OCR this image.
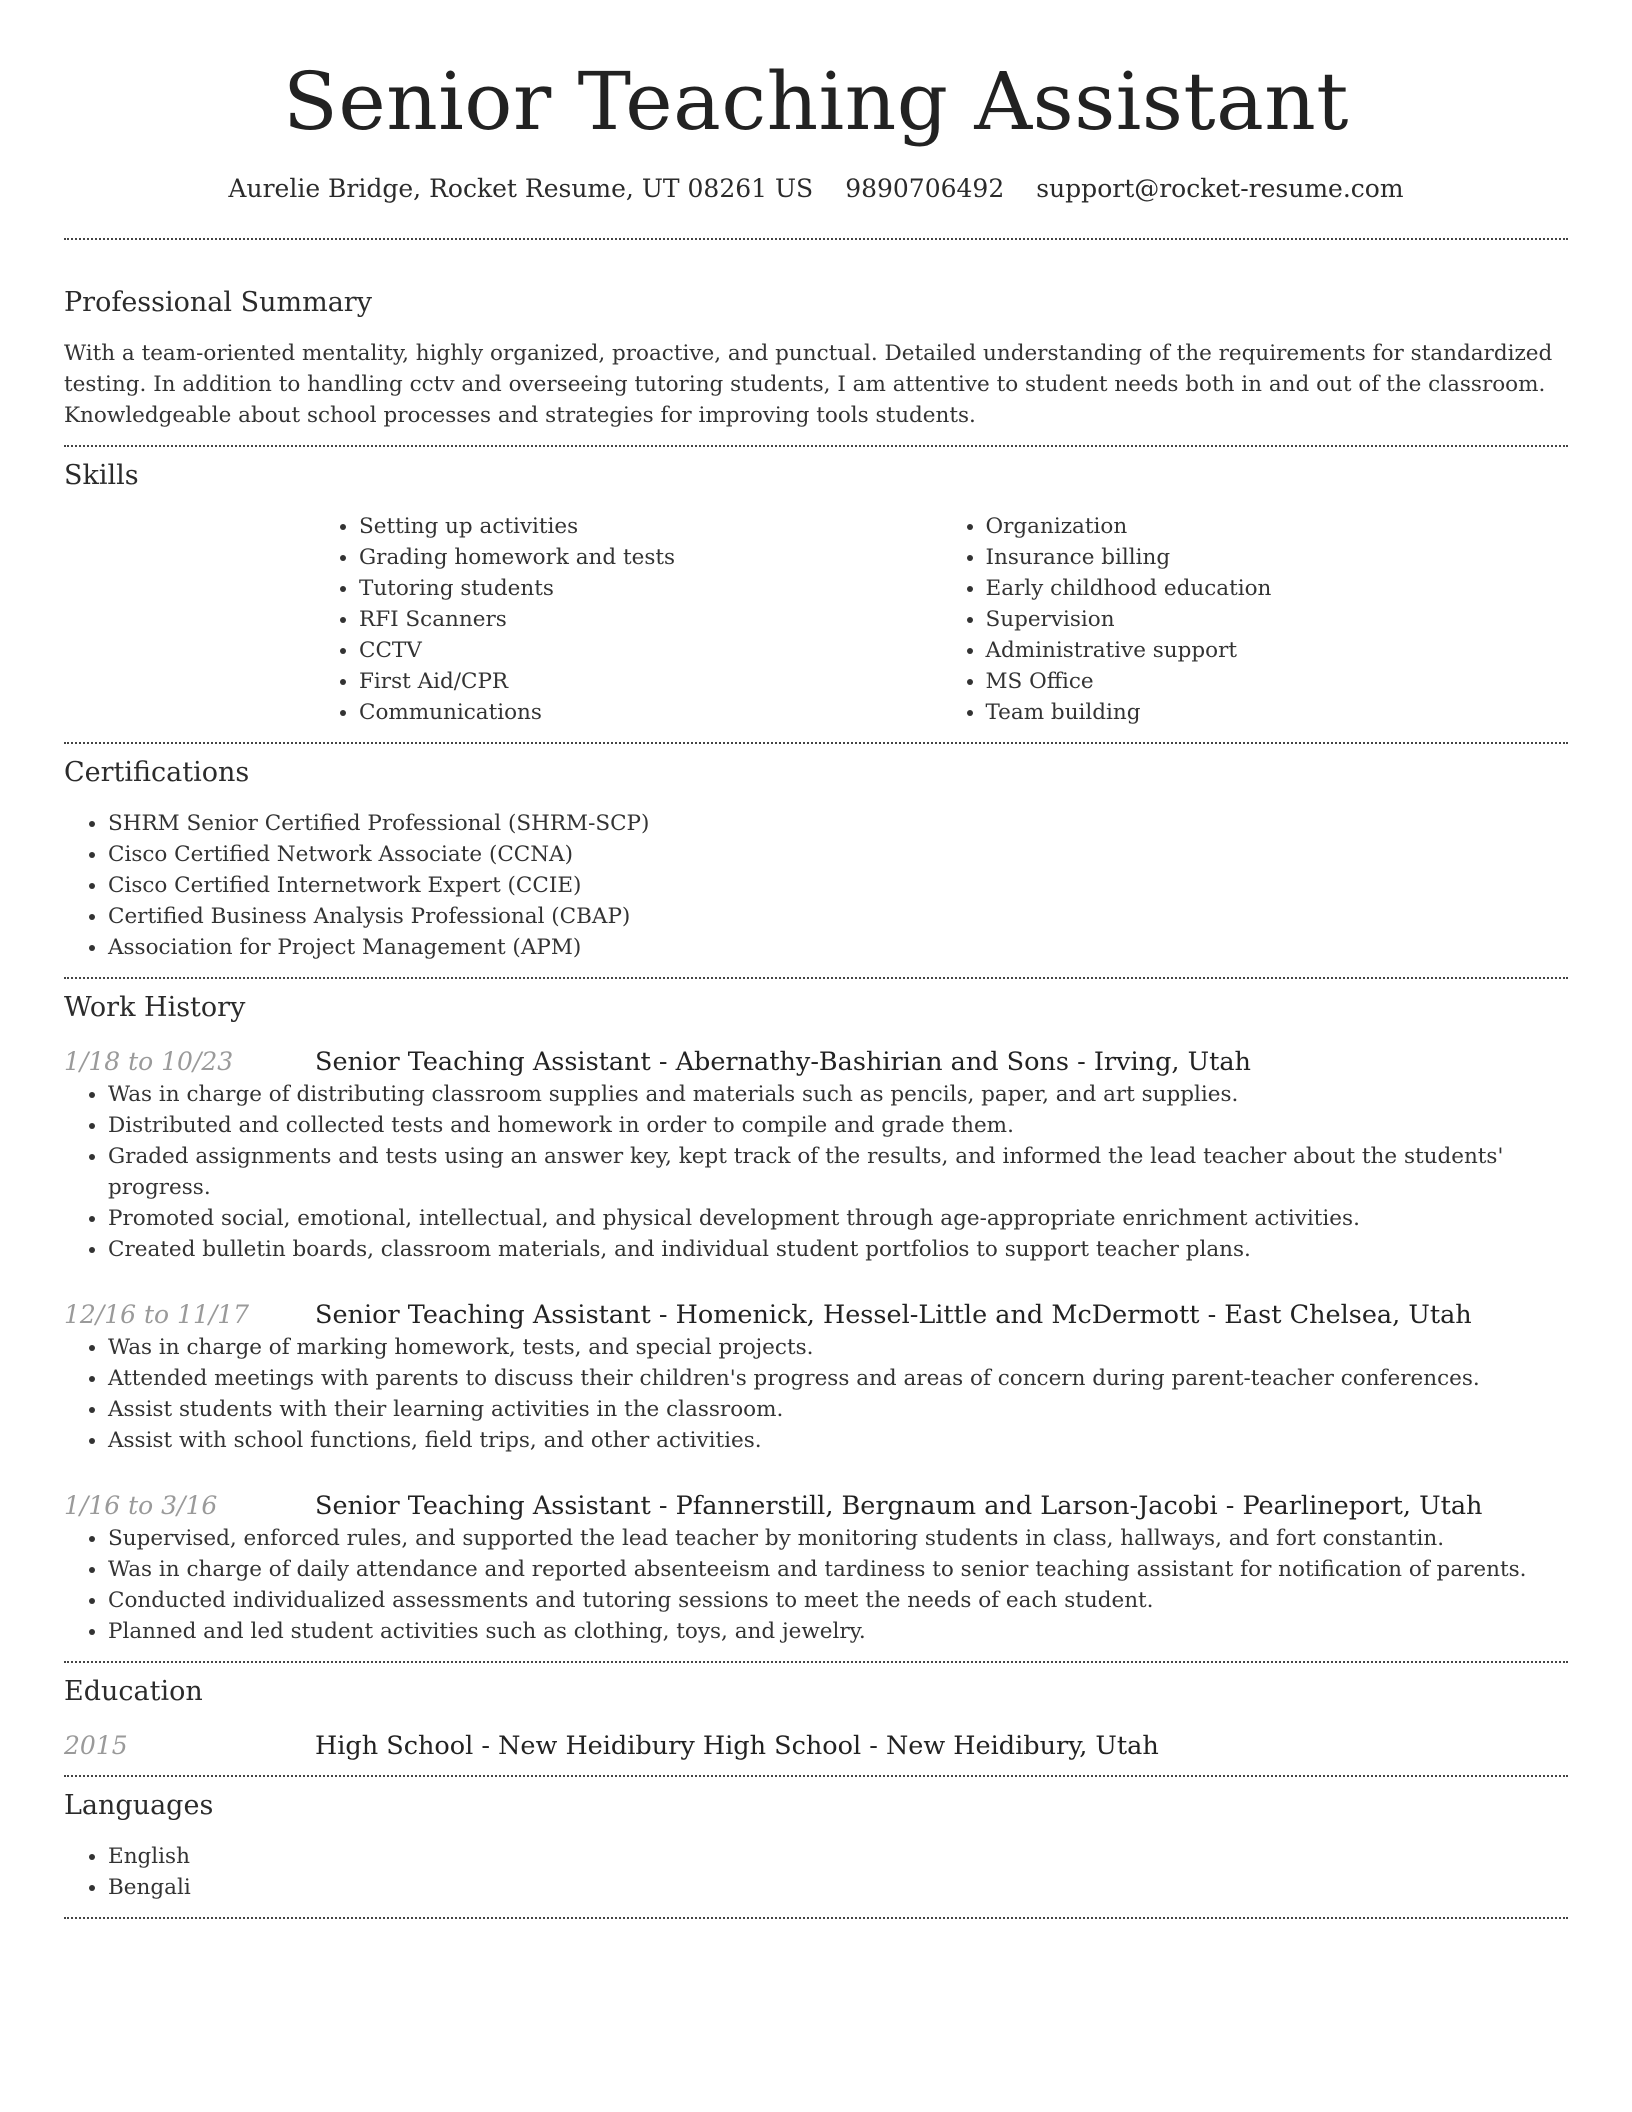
Senior Teaching Assistant
Aurelie Bridge, Rocket Resume, UT 08261 US 9890706492 support@rocket-resume.com
Professional Summary

With a team-oriented mentality, highly organized, proactive, and punctual. Detailed understanding of the requirements for standardized testing. In addition to handling cctv and overseeing tutoring students, I am attentive to student needs both in and out of the classroom. Knowledgeable about school processes and strategies for improving tools students.

Skills
• Setting up activities
• Grading homework and tests
• Tutoring students
• RFI Scanners
• CCTV
• First Aid/CPR
• Communications
• Organization
• Insurance billing
• Early childhood education
• Supervision
• Administrative support
• MS Office
• Team building
Certifications
• SHRM Senior Certified Professional (SHRM-SCP)
• Cisco Certified Network Associate (CCNA)
• Cisco Certified Internetwork Expert (CCIE)
• Certified Business Analysis Professional (CBAP)
• Association for Project Management (APM)
Work History
1/18 to 10/23	Senior Teaching Assistant - Abernathy-Bashirian and Sons - Irving, Utah
• Was in charge of distributing classroom supplies and materials such as pencils, paper, and art supplies.
• Distributed and collected tests and homework in order to compile and grade them.
• Graded assignments and tests using an answer key, kept track of the results, and informed the lead teacher about the students' progress.
• Promoted social, emotional, intellectual, and physical development through age-appropriate enrichment activities.
• Created bulletin boards, classroom materials, and individual student portfolios to support teacher plans.
12/16 to 11/17	Senior Teaching Assistant - Homenick, Hessel-Little and McDermott - East Chelsea, Utah
• Was in charge of marking homework, tests, and special projects.
• Attended meetings with parents to discuss their children's progress and areas of concern during parent-teacher conferences.
• Assist students with their learning activities in the classroom.
• Assist with school functions, field trips, and other activities.
1/16 to 3/16	Senior Teaching Assistant - Pfannerstill, Bergnaum and Larson-Jacobi - Pearlineport, Utah
• Supervised, enforced rules, and supported the lead teacher by monitoring students in class, hallways, and fort constantin.
• Was in charge of daily attendance and reported absenteeism and tardiness to senior teaching assistant for notification of parents.
• Conducted individualized assessments and tutoring sessions to meet the needs of each student.
• Planned and led student activities such as clothing, toys, and jewelry.
Education
2015	High School - New Heidibury High School - New Heidibury, Utah
Languages
• English
• Bengali
